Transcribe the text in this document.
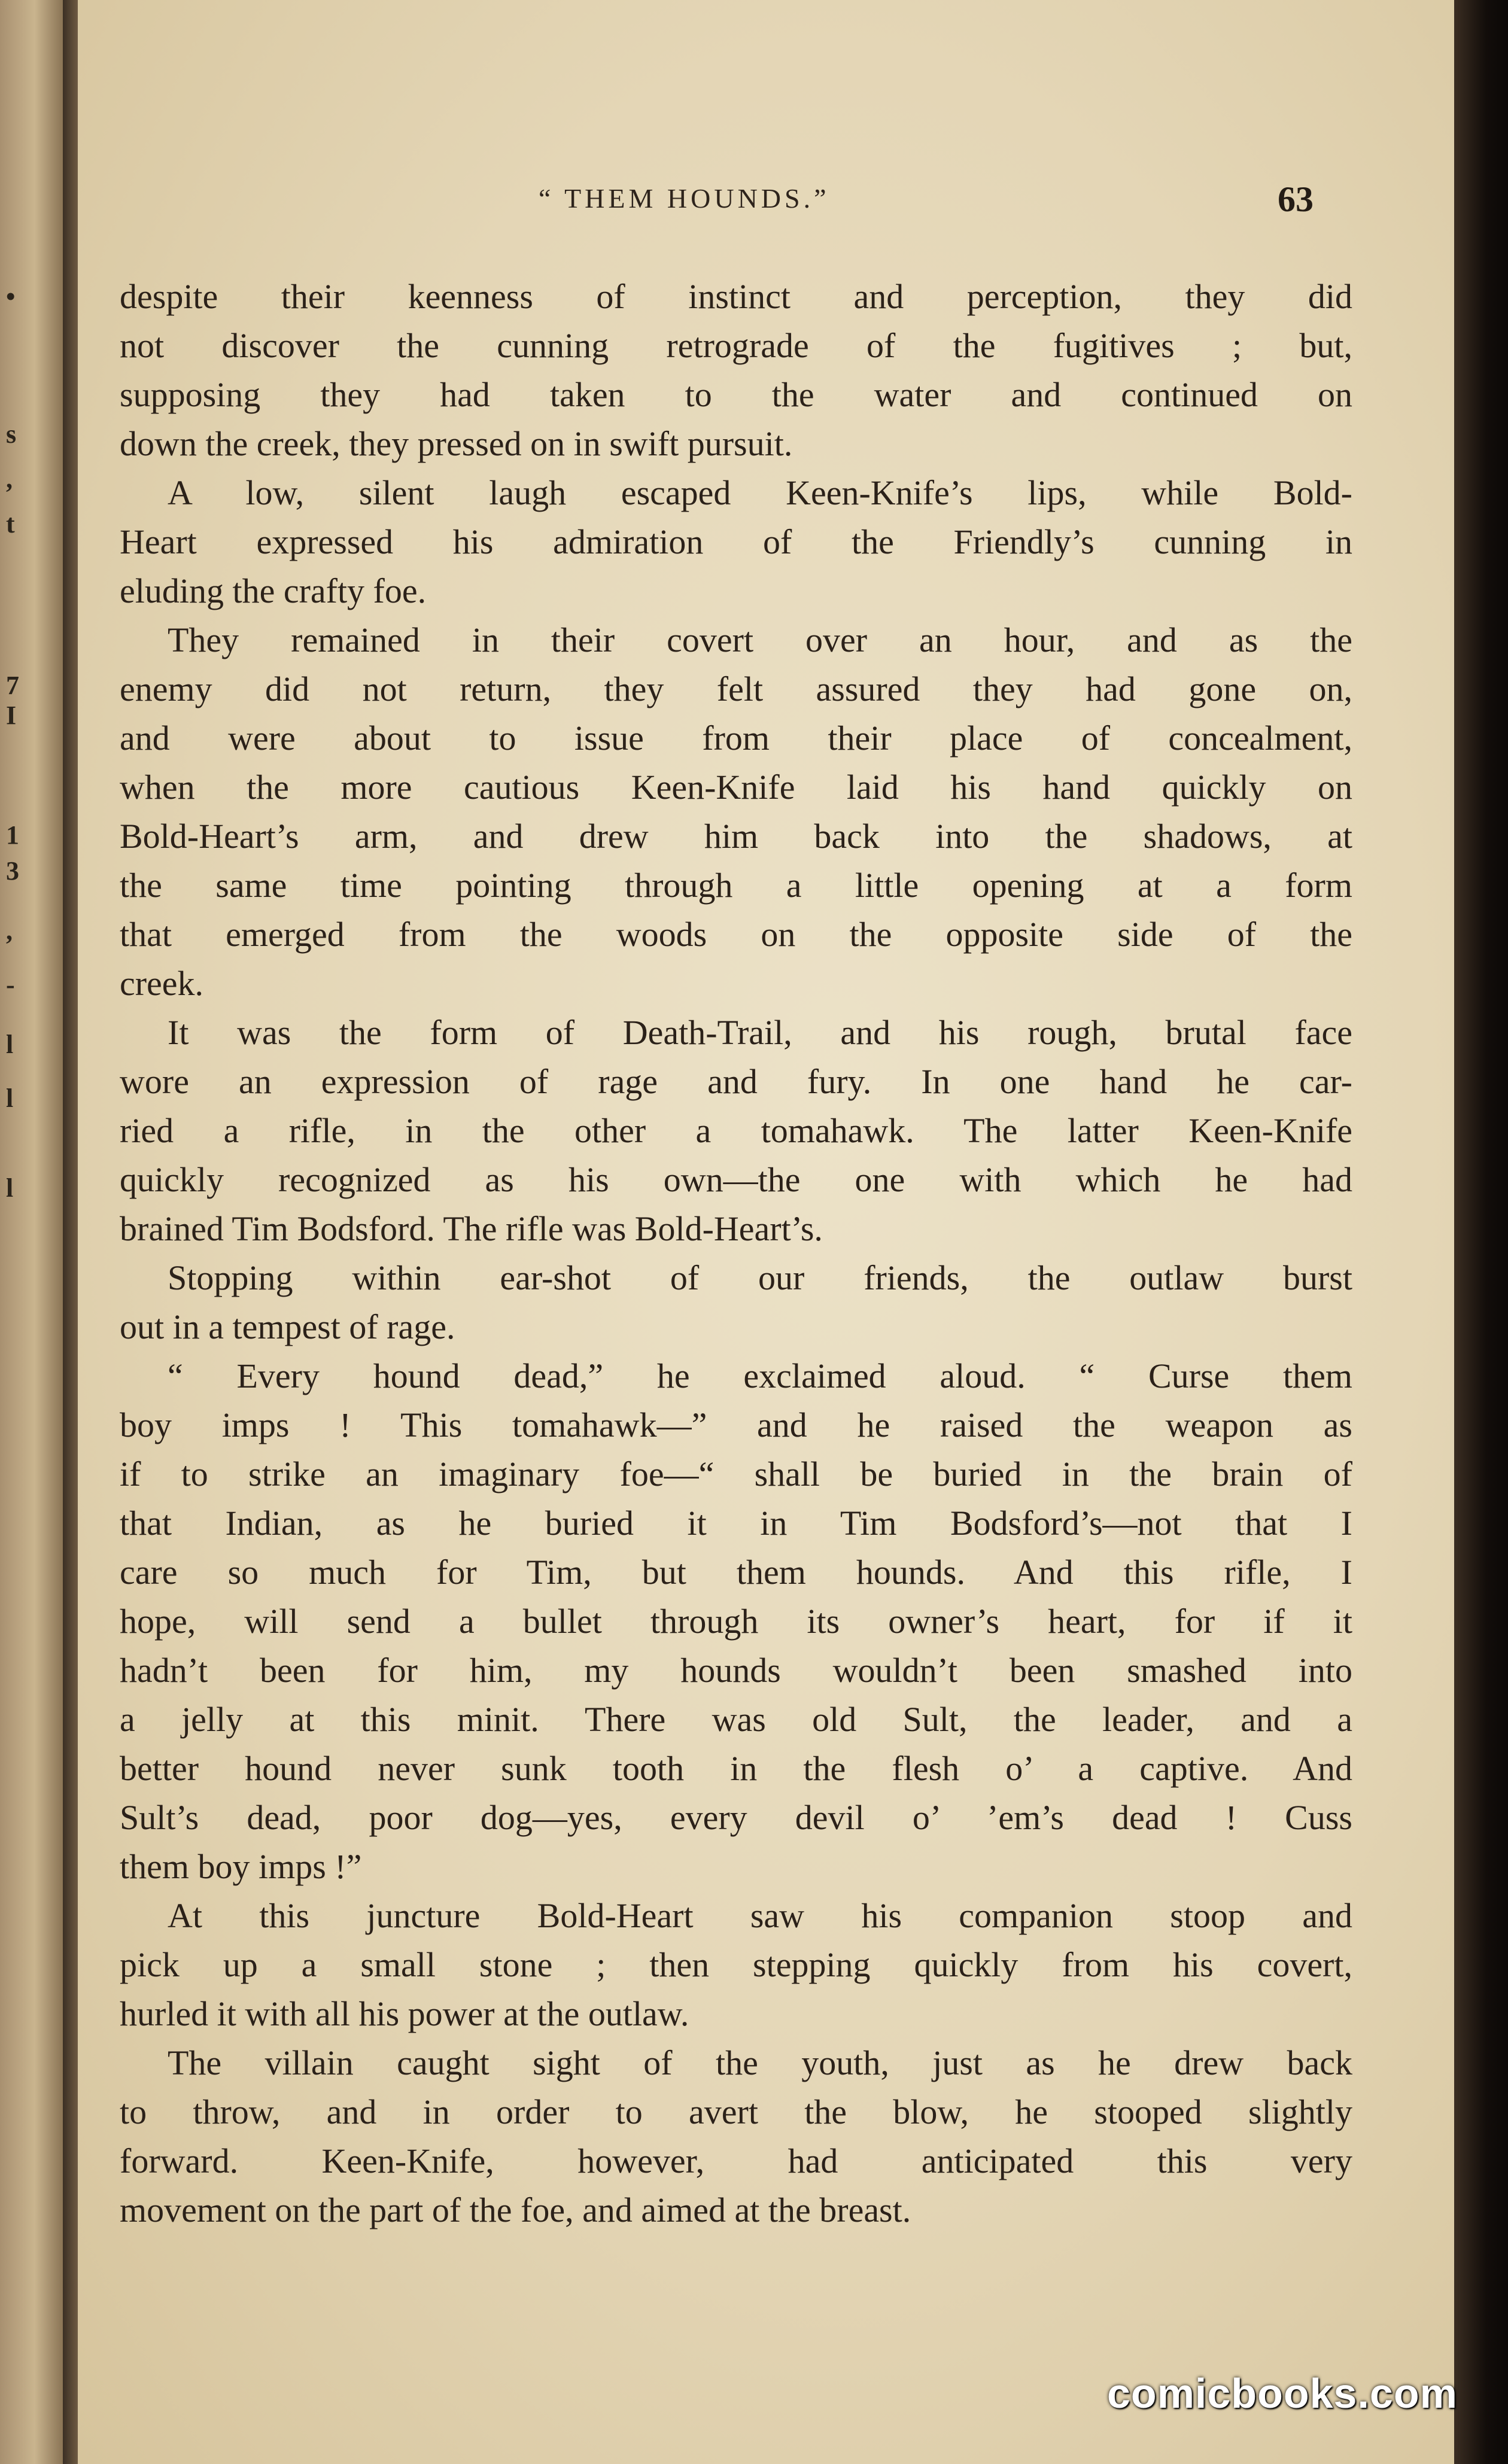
•
s
,
t
7
I
1
3
,
-
l
l
l
“ THEM HOUNDS.”	63
despite their keenness of instinct and perception, they did
not discover the cunning retrograde of the fugitives ; but,
supposing they had taken to the water and continued on
down the creek, they pressed on in swift pursuit.
A low, silent laugh escaped Keen-Knife’s lips, while Bold-
Heart expressed his admiration of the Friendly’s cunning in
eluding the crafty foe.
They remained in their covert over an hour, and as the
enemy did not return, they felt assured they had gone on,
and were about to issue from their place of concealment,
when the more cautious Keen-Knife laid his hand quickly on
Bold-Heart’s arm, and drew him back into the shadows, at
the same time pointing through a little opening at a form
that emerged from the woods on the opposite side of the
creek.
It was the form of Death-Trail, and his rough, brutal face
wore an expression of rage and fury. In one hand he car-
ried a rifle, in the other a tomahawk. The latter Keen-Knife
quickly recognized as his own—the one with which he had
brained Tim Bodsford. The rifle was Bold-Heart’s.
Stopping within ear-shot of our friends, the outlaw burst
out in a tempest of rage.
“ Every hound dead,” he exclaimed aloud. “ Curse them
boy imps ! This tomahawk—” and he raised the weapon as
if to strike an imaginary foe—“ shall be buried in the brain of
that Indian, as he buried it in Tim Bodsford’s—not that I
care so much for Tim, but them hounds. And this rifle, I
hope, will send a bullet through its owner’s heart, for if it
hadn’t been for him, my hounds wouldn’t been smashed into
a jelly at this minit. There was old Sult, the leader, and a
better hound never sunk tooth in the flesh o’ a captive. And
Sult’s dead, poor dog—yes, every devil o’ ’em’s dead ! Cuss
them boy imps !”
At this juncture Bold-Heart saw his companion stoop and
pick up a small stone ; then stepping quickly from his covert,
hurled it with all his power at the outlaw.
The villain caught sight of the youth, just as he drew back
to throw, and in order to avert the blow, he stooped slightly
forward. Keen-Knife, however, had anticipated this very
movement on the part of the foe, and aimed at the breast.
comicbooks.com
